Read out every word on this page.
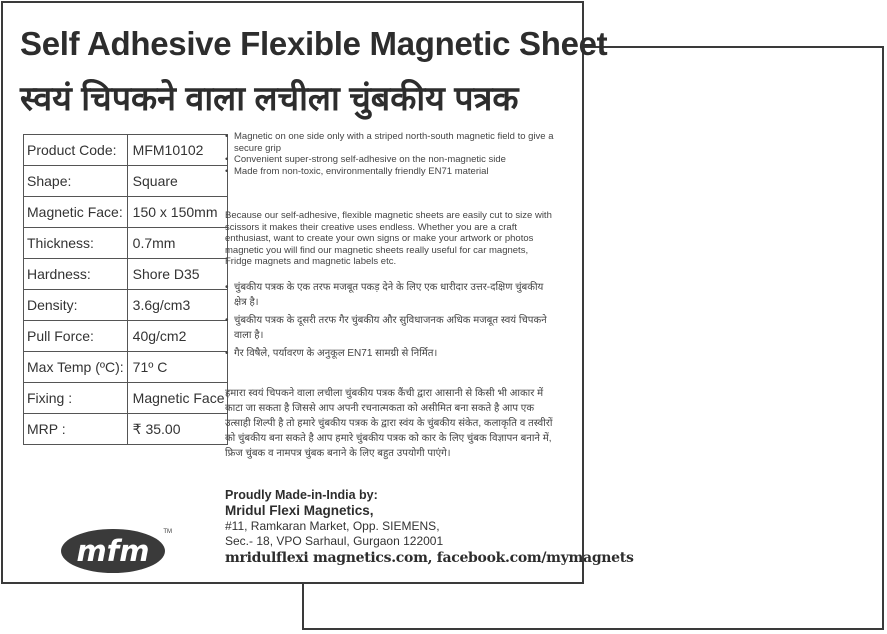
Self Adhesive Flexible Magnetic Sheet
स्वयं चिपकने वाला लचीला चुंबकीय पत्रक
Product Code:	MFM10102
Shape:	Square
Magnetic Face:	150 x 150mm
Thickness:	0.7mm
Hardness:	Shore D35
Density:	3.6g/cm3
Pull Force:	40g/cm2
Max Temp (ºC):	71º C
Fixing :	Magnetic Face
MRP :	₹ 35.00
• Magnetic on one side only with a striped north-south magnetic field to give a secure grip
• Convenient super-strong self-adhesive on the non-magnetic side
• Made from non-toxic, environmentally friendly EN71 material

Because our self-adhesive, flexible magnetic sheets are easily cut to size with scissors it makes their creative uses endless. Whether you are a craft enthusiast, want to create your own signs or make your artwork or photos magnetic you will find our magnetic sheets really useful for car magnets, Fridge magnets and magnetic labels etc.

• चुंबकीय पत्रक के एक तरफ मजबूत पकड़ देने के लिए एक धारीदार उत्तर-दक्षिण चुंबकीय क्षेत्र है।
• चुंबकीय पत्रक के दूसरी तरफ गैर चुंबकीय और सुविधाजनक अधिक मजबूत स्वयं चिपकने वाला है।
• गैर विषैले, पर्यावरण के अनुकूल EN71 सामग्री से निर्मित।

हमारा स्वयं चिपकने वाला लचीला चुंबकीय पत्रक कैंची द्वारा आसानी से किसी भी आकार में काटा जा सकता है जिससे आप अपनी रचनात्मकता को असीमित बना सकते है आप एक उत्साही शिल्पी है तो हमारे चुंबकीय पत्रक के द्वारा स्वंय के चुंबकीय संकेत, कलाकृति व तस्वीरों को चुंबकीय बना सकते है आप हमारे चुंबकीय पत्रक को कार के लिए चुंबक विज्ञापन बनाने में, फ्रिज चुंबक व नामपत्र चुंबक बनाने के लिए बहुत उपयोगी पाएंगे।

Proudly Made-in-India by:
Mridul Flexi Magnetics,
#11, Ramkaran Market, Opp. SIEMENS,
Sec.- 18, VPO Sarhaul, Gurgaon 122001
mridulflexi magnetics.com, facebook.com/mymagnets
mfm
TM
